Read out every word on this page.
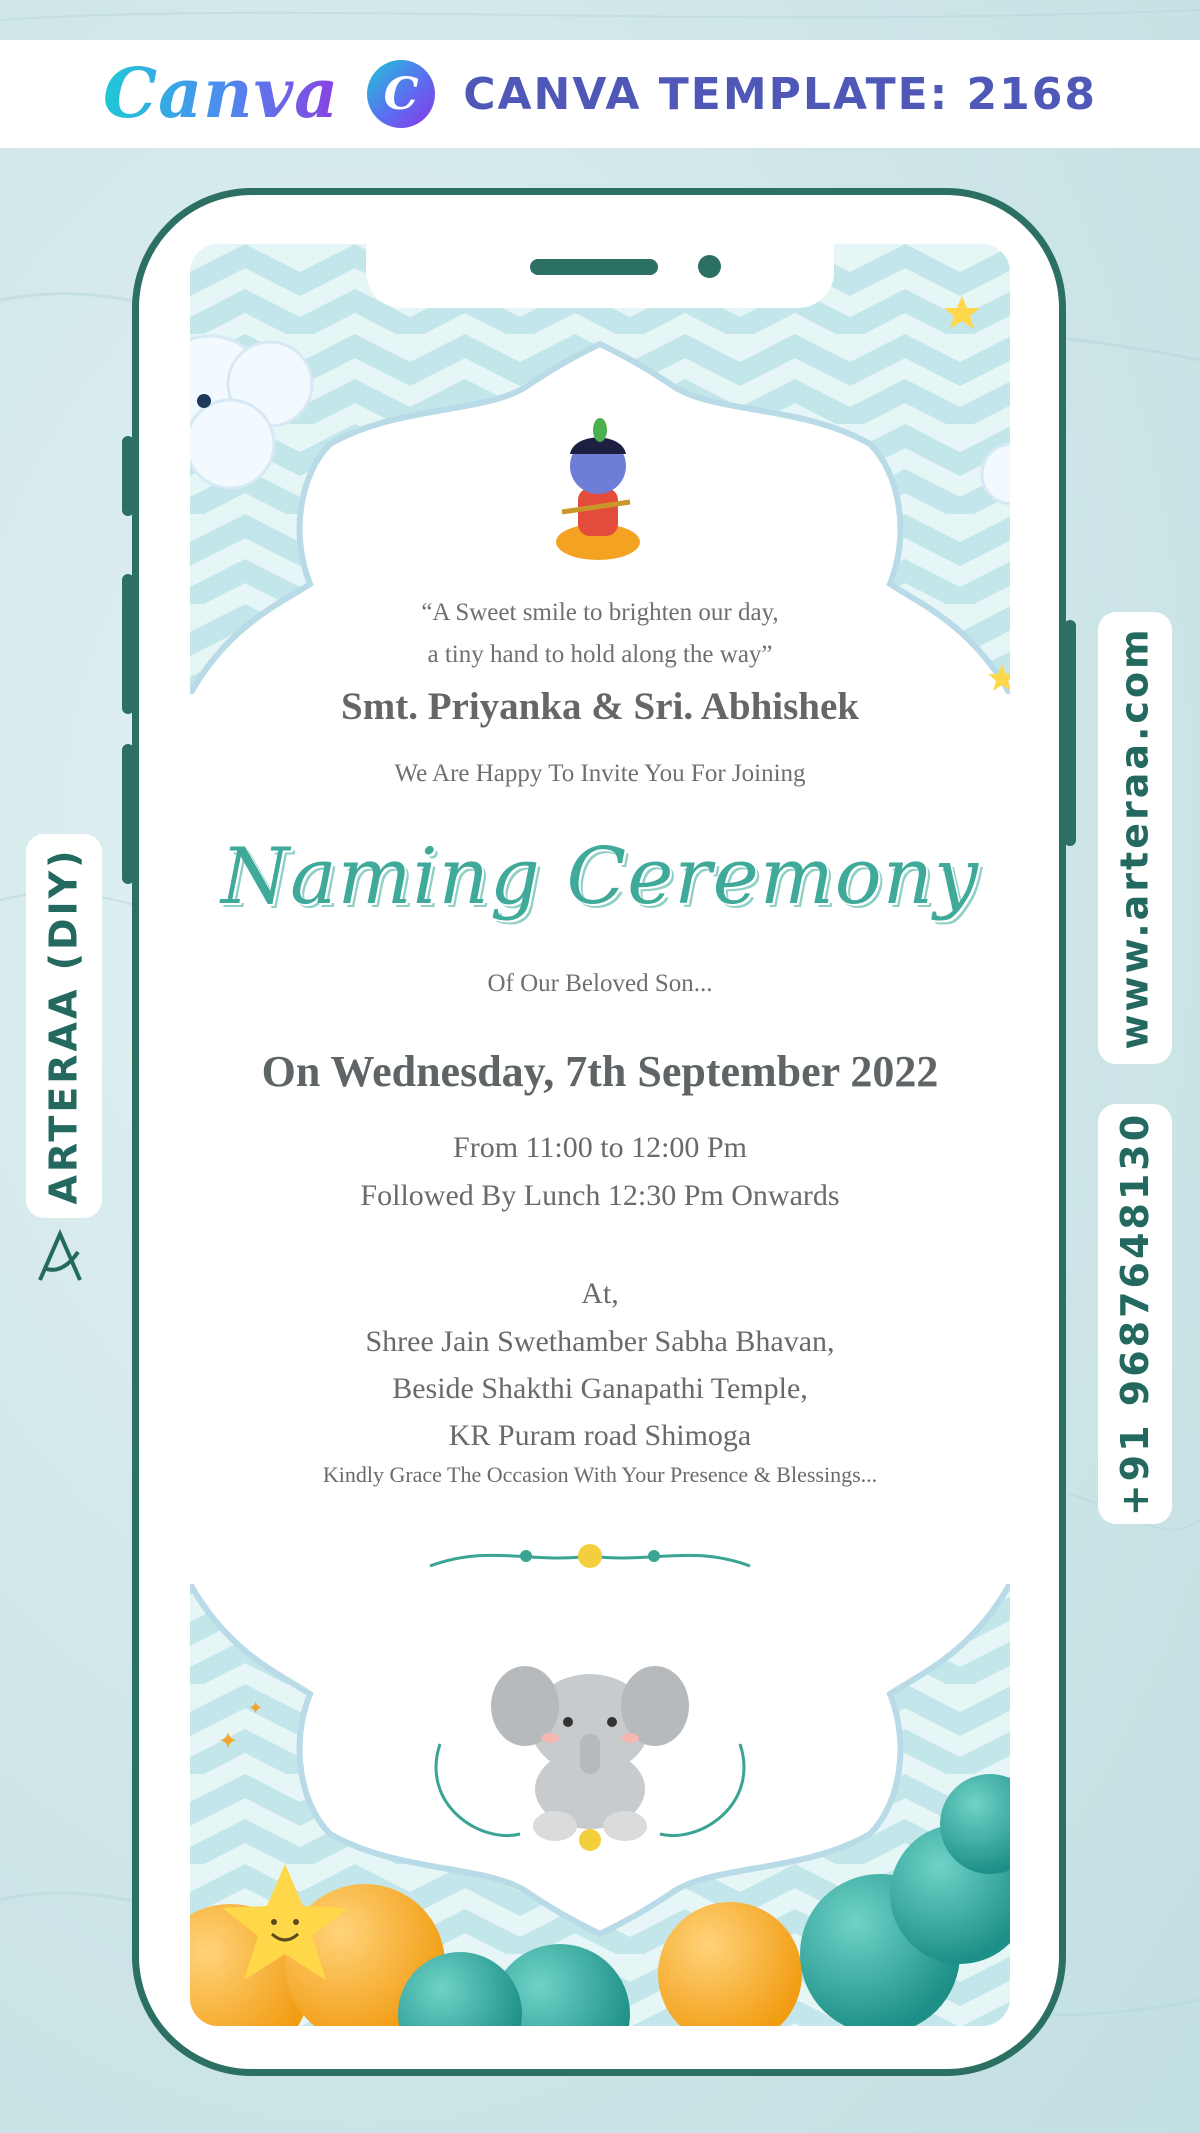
Canva	C	CANVA TEMPLATE: 2168
ARTERAA (DIY)	www.arteraa.com
+91 9687648130
✦
✦
“A Sweet smile to brighten our day,
a tiny hand to hold along the way”
Smt. Priyanka & Sri. Abhishek
We Are Happy To Invite You For Joining
Naming Ceremony
Of Our Beloved Son...
On Wednesday, 7th September 2022
From 11:00 to 12:00 Pm
Followed By Lunch 12:30 Pm Onwards
At,
Shree Jain Swethamber Sabha Bhavan,
Beside Shakthi Ganapathi Temple,
KR Puram road Shimoga
Kindly Grace The Occasion With Your Presence & Blessings...
